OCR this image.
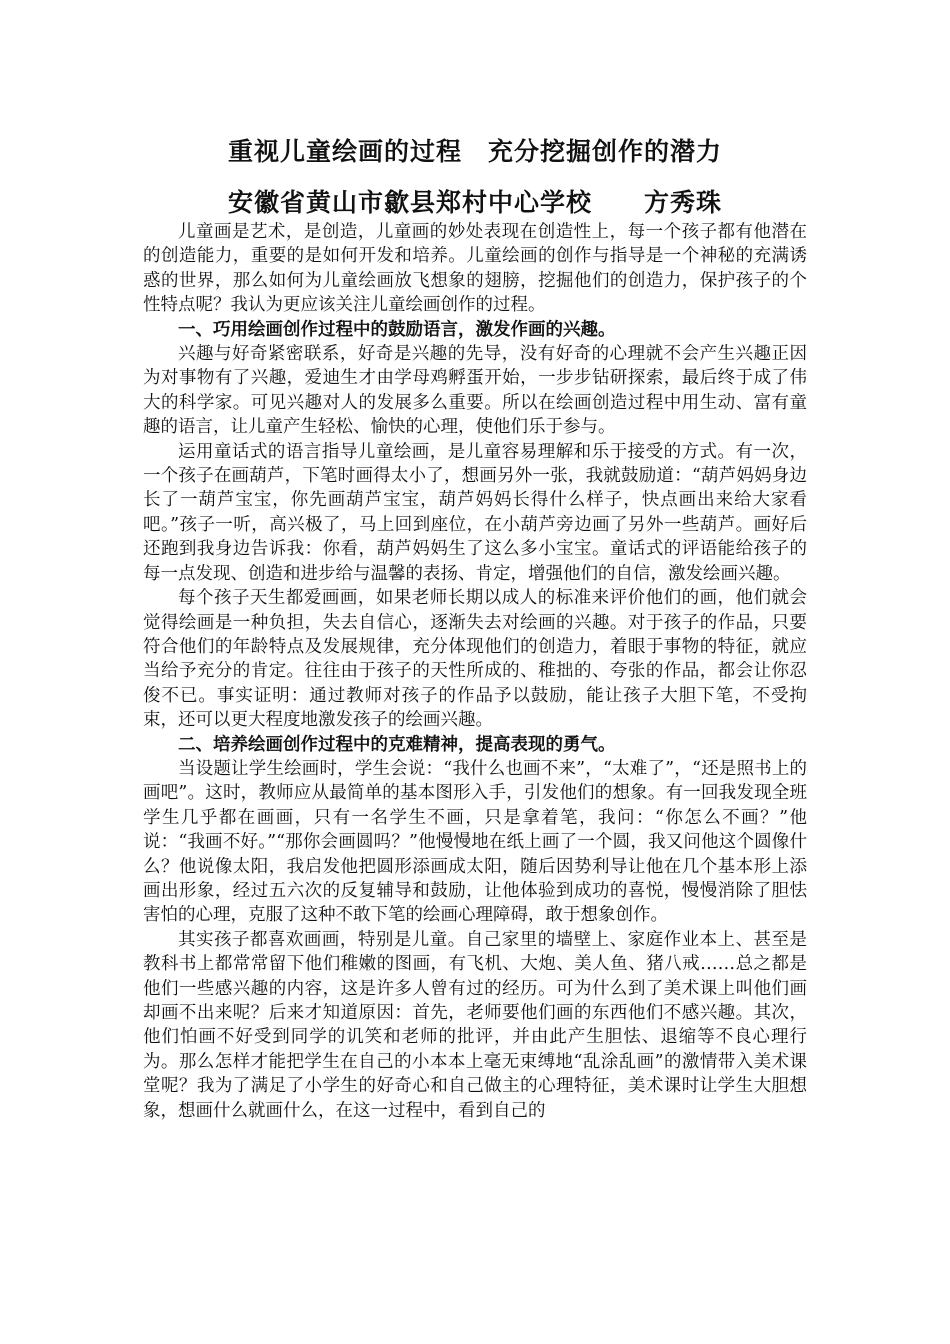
重视儿童绘画的过程　充分挖掘创作的潜力
安徽省黄山市歙县郑村中心学校　　方秀珠

儿童画是艺术，是创造，儿童画的妙处表现在创造性上，每一个孩子都有他潜在的创造能力，重要的是如何开发和培养。儿童绘画的创作与指导是一个神秘的充满诱惑的世界，那么如何为儿童绘画放飞想象的翅膀，挖掘他们的创造力，保护孩子的个性特点呢？我认为更应该关注儿童绘画创作的过程。

一、巧用绘画创作过程中的鼓励语言，激发作画的兴趣。

兴趣与好奇紧密联系，好奇是兴趣的先导，没有好奇的心理就不会产生兴趣正因为对事物有了兴趣，爱迪生才由学母鸡孵蛋开始，一步步钻研探索，最后终于成了伟大的科学家。可见兴趣对人的发展多么重要。所以在绘画创造过程中用生动、富有童趣的语言，让儿童产生轻松、愉快的心理，使他们乐于参与。

运用童话式的语言指导儿童绘画，是儿童容易理解和乐于接受的方式。有一次，一个孩子在画葫芦，下笔时画得太小了，想画另外一张，我就鼓励道：“葫芦妈妈身边长了一葫芦宝宝，你先画葫芦宝宝，葫芦妈妈长得什么样子，快点画出来给大家看吧。”孩子一听，高兴极了，马上回到座位，在小葫芦旁边画了另外一些葫芦。画好后还跑到我身边告诉我：你看，葫芦妈妈生了这么多小宝宝。童话式的评语能给孩子的每一点发现、创造和进步给与温馨的表扬、肯定，增强他们的自信，激发绘画兴趣。

每个孩子天生都爱画画，如果老师长期以成人的标准来评价他们的画，他们就会觉得绘画是一种负担，失去自信心，逐渐失去对绘画的兴趣。对于孩子的作品，只要符合他们的年龄特点及发展规律，充分体现他们的创造力，着眼于事物的特征，就应当给予充分的肯定。往往由于孩子的天性所成的、稚拙的、夸张的作品，都会让你忍俊不已。事实证明：通过教师对孩子的作品予以鼓励，能让孩子大胆下笔，不受拘束，还可以更大程度地激发孩子的绘画兴趣。

二、培养绘画创作过程中的克难精神，提高表现的勇气。

当设题让学生绘画时，学生会说：“我什么也画不来”，“太难了”，“还是照书上的画吧”。这时，教师应从最简单的基本图形入手，引发他们的想象。有一回我发现全班学生几乎都在画画，只有一名学生不画，只是拿着笔，我问：“你怎么不画？”他说：“我画不好。”“那你会画圆吗？”他慢慢地在纸上画了一个圆，我又问他这个圆像什么？他说像太阳，我启发他把圆形添画成太阳，随后因势利导让他在几个基本形上添画出形象，经过五六次的反复辅导和鼓励，让他体验到成功的喜悦，慢慢消除了胆怯害怕的心理，克服了这种不敢下笔的绘画心理障碍，敢于想象创作。

其实孩子都喜欢画画，特别是儿童。自己家里的墙壁上、家庭作业本上、甚至是教科书上都常常留下他们稚嫩的图画，有飞机、大炮、美人鱼、猪八戒……总之都是他们一些感兴趣的内容，这是许多人曾有过的经历。可为什么到了美术课上叫他们画却画不出来呢？后来才知道原因：首先，老师要他们画的东西他们不感兴趣。其次，他们怕画不好受到同学的讥笑和老师的批评，并由此产生胆怯、退缩等不良心理行为。那么怎样才能把学生在自己的小本本上毫无束缚地“乱涂乱画”的激情带入美术课堂呢？我为了满足了小学生的好奇心和自己做主的心理特征，美术课时让学生大胆想象，想画什么就画什么，在这一过程中，看到自己的
